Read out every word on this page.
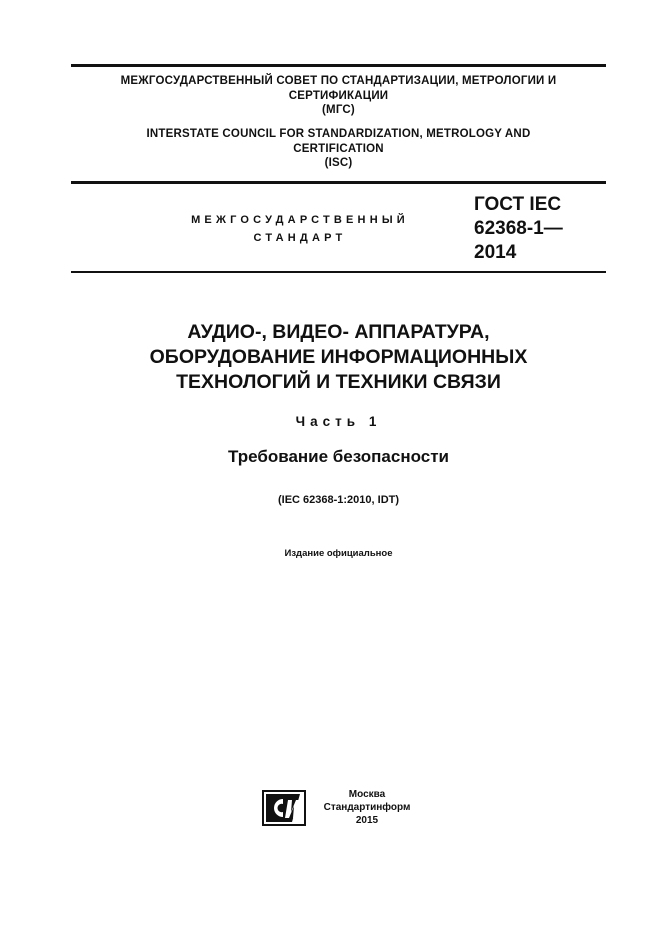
МЕЖГОСУДАРСТВЕННЫЙ СОВЕТ ПО СТАНДАРТИЗАЦИИ, МЕТРОЛОГИИ И
СЕРТИФИКАЦИИ
(МГС)
INTERSTATE COUNCIL FOR STANDARDIZATION, METROLOGY AND
CERTIFICATION
(ISC)
МЕЖГОСУДАРСТВЕННЫЙ
СТАНДАРТ
ГОСТ IEC
62368-1—
2014
АУДИО-, ВИДЕО- АППАРАТУРА,
ОБОРУДОВАНИЕ ИНФОРМАЦИОННЫХ
ТЕХНОЛОГИЙ И ТЕХНИКИ СВЯЗИ
Часть 1
Требование безопасности
(IEC 62368-1:2010, IDT)
Издание официальное
Москва
Стандартинформ
2015
